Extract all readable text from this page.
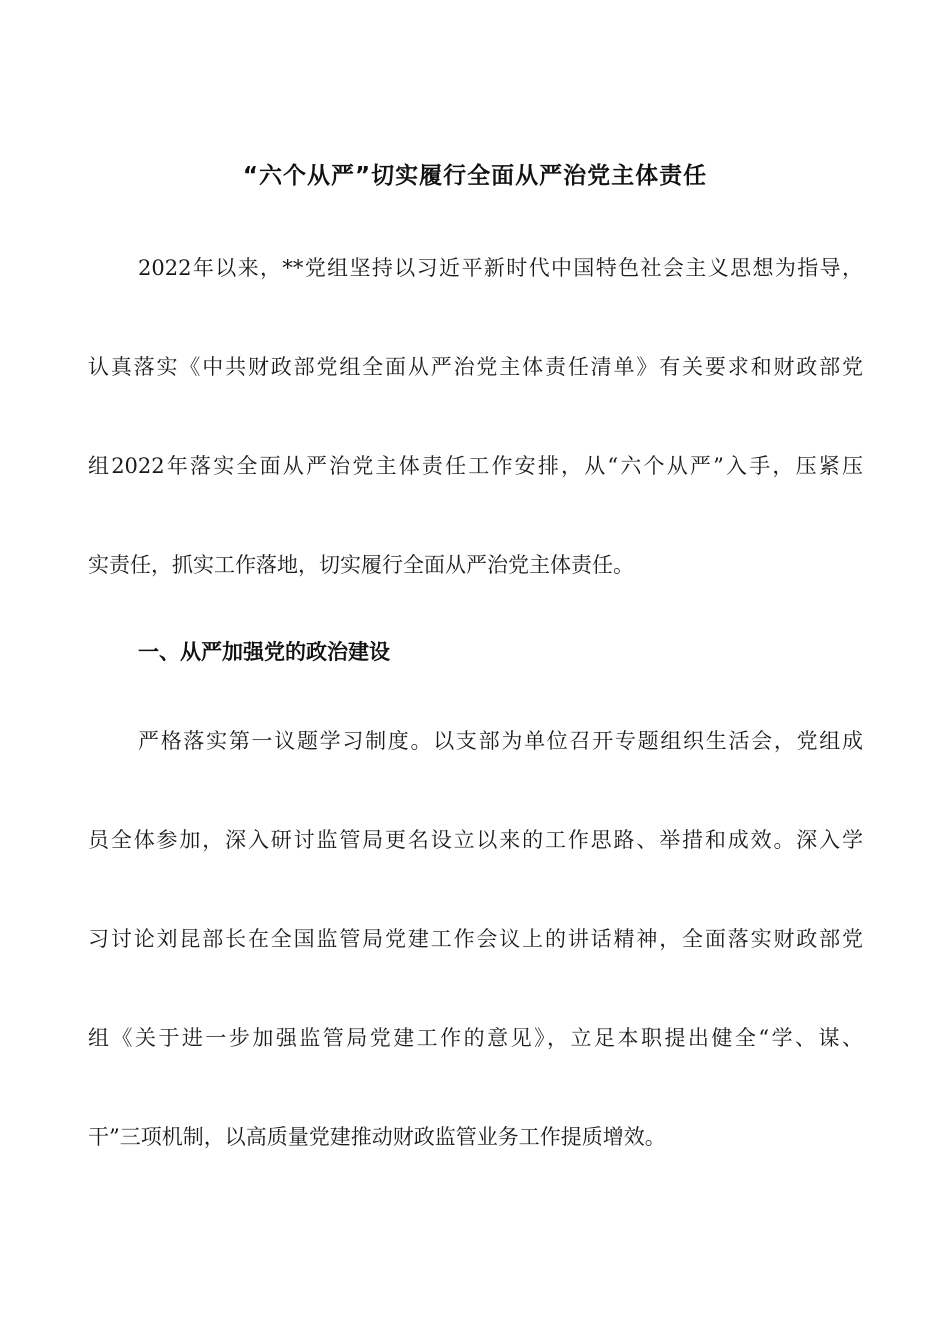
“六个从严”切实履行全面从严治党主体责任
2022年以来，**党组坚持以习近平新时代中国特色社会主义思想为指导，
认真落实《中共财政部党组全面从严治党主体责任清单》有关要求和财政部党
组2022年落实全面从严治党主体责任工作安排，从“六个从严”入手，压紧压
实责任，抓实工作落地，切实履行全面从严治党主体责任。
一、从严加强党的政治建设
严格落实第一议题学习制度。以支部为单位召开专题组织生活会，党组成
员全体参加，深入研讨监管局更名设立以来的工作思路、举措和成效。深入学
习讨论刘昆部长在全国监管局党建工作会议上的讲话精神，全面落实财政部党
组《关于进一步加强监管局党建工作的意见》，立足本职提出健全“学、谋、
干”三项机制，以高质量党建推动财政监管业务工作提质增效。
